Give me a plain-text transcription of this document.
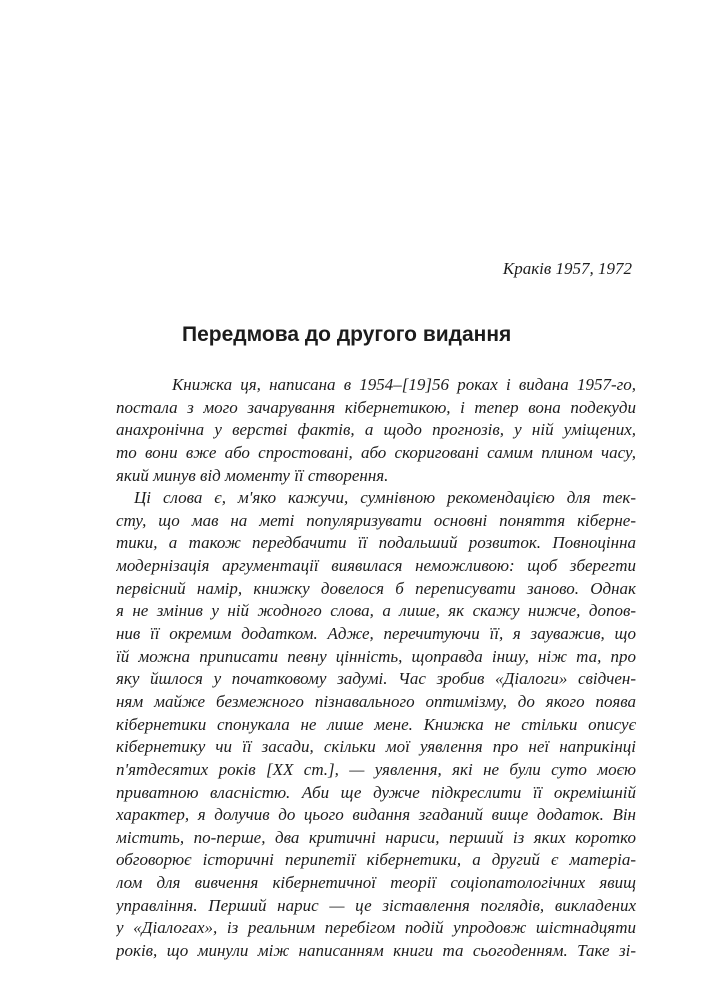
Краків 1957, 1972

Передмова до другого видання
Книжка ця, написана в 1954–[19]56 роках і видана 1957-го,
постала з мого зачарування кібернетикою, і тепер вона подекуди
анахронічна у верстві фактів, а щодо прогнозів, у ній уміщених,
то вони вже або спростовані, або скориговані самим плином часу,
який минув від моменту її створення.
Ці слова є, м'яко кажучи, сумнівною рекомендацією для тек-
сту, що мав на меті популяризувати основні поняття кіберне-
тики, а також передбачити її подальший розвиток. Повноцінна
модернізація аргументації виявилася неможливою: щоб зберегти
первісний намір, книжку довелося б переписувати заново. Однак
я не змінив у ній жодного слова, а лише, як скажу нижче, допов-
нив її окремим додатком. Адже, перечитуючи її, я зауважив, що
їй можна приписати певну цінність, щоправда іншу, ніж та, про
яку йшлося у початковому задумі. Час зробив «Діалоги» свідчен-
ням майже безмежного пізнавального оптимізму, до якого поява
кібернетики спонукала не лише мене. Книжка не стільки описує
кібернетику чи її засади, скільки мої уявлення про неї наприкінці
п'ятдесятих років [XX ст.], — уявлення, які не були суто моєю
приватною власністю. Аби ще дужче підкреслити її окремішній
характер, я долучив до цього видання згаданий вище додаток. Він
містить, по-перше, два критичні нариси, перший із яких коротко
обговорює історичні перипетії кібернетики, а другий є матеріа-
лом для вивчення кібернетичної теорії соціопатологічних явищ
управління. Перший нарис — це зіставлення поглядів, викладених
у «Діалогах», із реальним перебігом подій упродовж шістнадцяти
років, що минули між написанням книги та сьогоденням. Таке зі-
